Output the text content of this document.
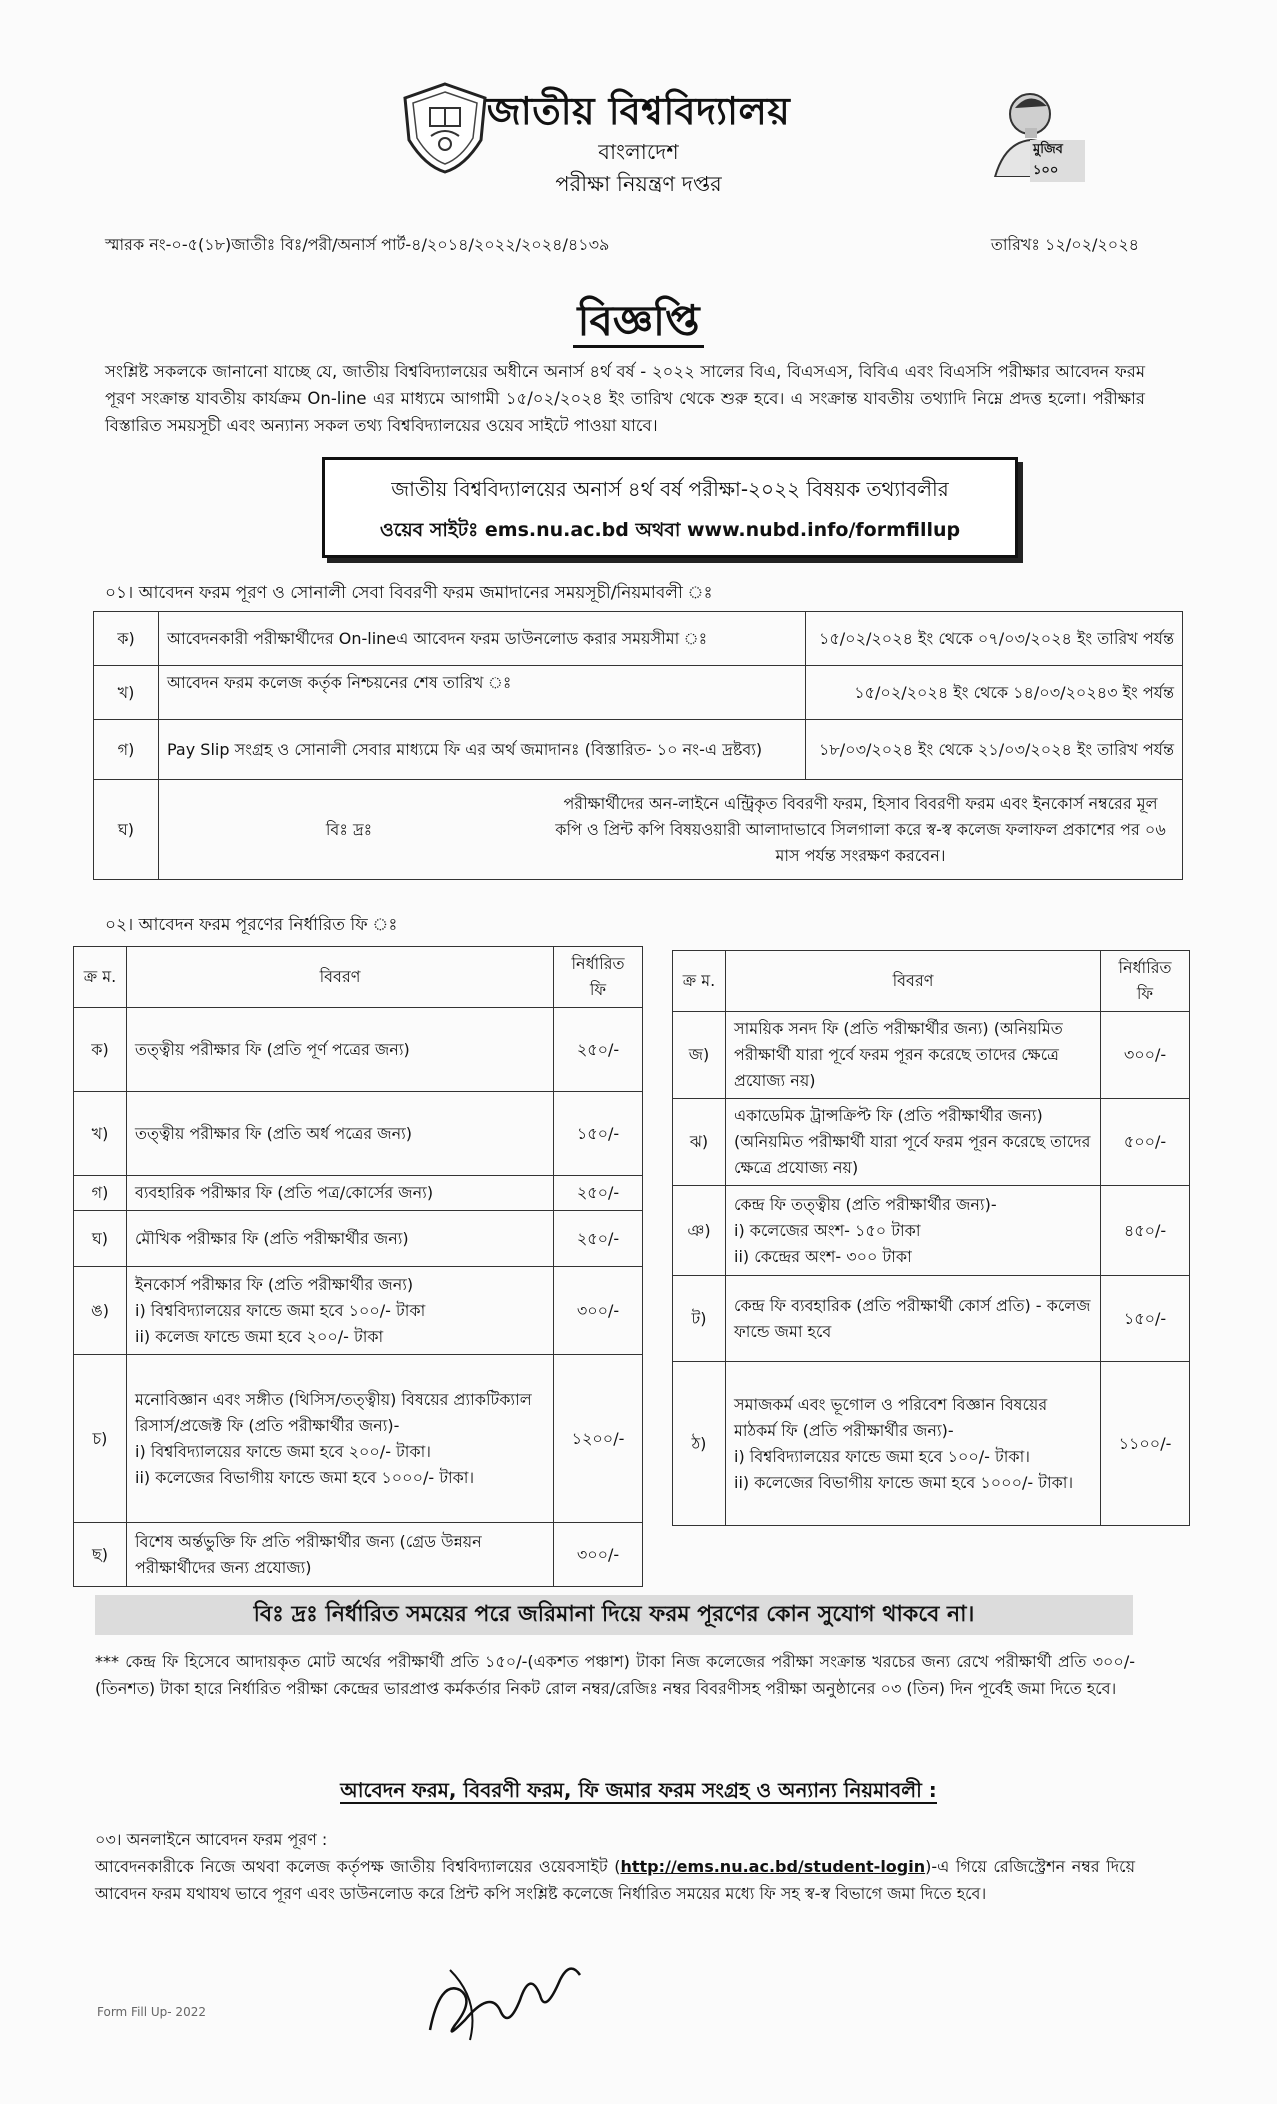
জাতীয় বিশ্ববিদ্যালয়
বাংলাদেশ
পরীক্ষা নিয়ন্ত্রণ দপ্তর
মুজিব ১০০
স্মারক নং-০-৫(১৮)জাতীঃ বিঃ/পরী/অনার্স পার্ট-৪/২০১৪/২০২২/২০২৪/৪১৩৯	তারিখঃ ১২/০২/২০২৪
বিজ্ঞপ্তি
সংশ্লিষ্ট সকলকে জানানো যাচ্ছে যে, জাতীয় বিশ্ববিদ্যালয়ের অধীনে অনার্স ৪র্থ বর্ষ - ২০২২ সালের বিএ, বিএসএস, বিবিএ এবং বিএসসি পরীক্ষার আবেদন ফরম পূরণ সংক্রান্ত যাবতীয় কার্যক্রম On-line এর মাধ্যমে আগামী ১৫/০২/২০২৪ ইং তারিখ থেকে শুরু হবে। এ সংক্রান্ত যাবতীয় তথ্যাদি নিম্নে প্রদত্ত হলো। পরীক্ষার বিস্তারিত সময়সূচী এবং অন্যান্য সকল তথ্য বিশ্ববিদ্যালয়ের ওয়েব সাইটে পাওয়া যাবে।
জাতীয় বিশ্ববিদ্যালয়ের অনার্স ৪র্থ বর্ষ পরীক্ষা-২০২২ বিষয়ক তথ্যাবলীর
ওয়েব সাইটঃ ems.nu.ac.bd অথবা www.nubd.info/formfillup
০১। আবেদন ফরম পূরণ ও সোনালী সেবা বিবরণী ফরম জমাদানের সময়সূচী/নিয়মাবলী ঃ
ক)	আবেদনকারী পরীক্ষার্থীদের On-lineএ আবেদন ফরম ডাউনলোড করার সময়সীমা ঃ	১৫/০২/২০২৪ ইং থেকে ০৭/০৩/২০২৪ ইং তারিখ পর্যন্ত
খ)	আবেদন ফরম কলেজ কর্তৃক নিশ্চয়নের শেষ তারিখ ঃ	১৫/০২/২০২৪ ইং থেকে ১৪/০৩/২০২৪৩ ইং পর্যন্ত
গ)	Pay Slip সংগ্রহ ও সোনালী সেবার মাধ্যমে ফি এর অর্থ জমাদানঃ (বিস্তারিত- ১০ নং-এ দ্রষ্টব্য)	১৮/০৩/২০২৪ ইং থেকে ২১/০৩/২০২৪ ইং তারিখ পর্যন্ত
ঘ)	বিঃ দ্রঃ
পরীক্ষার্থীদের অন-লাইনে এন্ট্রিকৃত বিবরণী ফরম, হিসাব বিবরণী ফরম এবং ইনকোর্স নম্বরের মূল কপি ও প্রিন্ট কপি বিষয়ওয়ারী আলাদাভাবে সিলগালা করে স্ব-স্ব কলেজ ফলাফল প্রকাশের পর ০৬ মাস পর্যন্ত সংরক্ষণ করবেন।	
০২। আবেদন ফরম পূরণের নির্ধারিত ফি ঃ
ক্র ম.	বিবরণ	নির্ধারিত ফি
ক)	তত্ত্বীয় পরীক্ষার ফি (প্রতি পূর্ণ পত্রের জন্য)	২৫০/-
খ)	তত্ত্বীয় পরীক্ষার ফি (প্রতি অর্ধ পত্রের জন্য)	১৫০/-
গ)	ব্যবহারিক পরীক্ষার ফি (প্রতি পত্র/কোর্সের জন্য)	২৫০/-
ঘ)	মৌখিক পরীক্ষার ফি (প্রতি পরীক্ষার্থীর জন্য)	২৫০/-
ঙ)	ইনকোর্স পরীক্ষার ফি (প্রতি পরীক্ষার্থীর জন্য)
i) বিশ্ববিদ্যালয়ের ফান্ডে জমা হবে ১০০/- টাকা
ii) কলেজ ফান্ডে জমা হবে ২০০/- টাকা	৩০০/-
চ)	মনোবিজ্ঞান এবং সঙ্গীত (থিসিস/তত্ত্বীয়) বিষয়ের প্র্যাকটিক্যাল রিসার্স/প্রজেক্ট ফি (প্রতি পরীক্ষার্থীর জন্য)-
i) বিশ্ববিদ্যালয়ের ফান্ডে জমা হবে ২০০/- টাকা।
ii) কলেজের বিভাগীয় ফান্ডে জমা হবে ১০০০/- টাকা।	১২০০/-
ছ)	বিশেষ অর্ন্তভুক্তি ফি প্রতি পরীক্ষার্থীর জন্য (গ্রেড উন্নয়ন পরীক্ষার্থীদের জন্য প্রযোজ্য)	৩০০/-
ক্র ম.	বিবরণ	নির্ধারিত ফি
জ)	সাময়িক সনদ ফি (প্রতি পরীক্ষার্থীর জন্য) (অনিয়মিত পরীক্ষার্থী যারা পূর্বে ফরম পূরন করেছে তাদের ক্ষেত্রে প্রযোজ্য নয়)	৩০০/-
ঝ)	একাডেমিক ট্রান্সক্রিপ্ট ফি (প্রতি পরীক্ষার্থীর জন্য) (অনিয়মিত পরীক্ষার্থী যারা পূর্বে ফরম পূরন করেছে তাদের ক্ষেত্রে প্রযোজ্য নয়)	৫০০/-
ঞ)	কেন্দ্র ফি তত্ত্বীয় (প্রতি পরীক্ষার্থীর জন্য)-
i) কলেজের অংশ- ১৫০ টাকা
ii) কেন্দ্রের অংশ- ৩০০ টাকা	৪৫০/-
ট)	কেন্দ্র ফি ব্যবহারিক (প্রতি পরীক্ষার্থী কোর্স প্রতি) - কলেজ ফান্ডে জমা হবে	১৫০/-
ঠ)	সমাজকর্ম এবং ভূগোল ও পরিবেশ বিজ্ঞান বিষয়ের মাঠকর্ম ফি (প্রতি পরীক্ষার্থীর জন্য)-
i) বিশ্ববিদ্যালয়ের ফান্ডে জমা হবে ১০০/- টাকা।
ii) কলেজের বিভাগীয় ফান্ডে জমা হবে ১০০০/- টাকা।	১১০০/-
বিঃ দ্রঃ নির্ধারিত সময়ের পরে জরিমানা দিয়ে ফরম পূরণের কোন সুযোগ থাকবে না।
*** কেন্দ্র ফি হিসেবে আদায়কৃত মোট অর্থের পরীক্ষার্থী প্রতি ১৫০/-(একশত পঞ্চাশ) টাকা নিজ কলেজের পরীক্ষা সংক্রান্ত খরচের জন্য রেখে পরীক্ষার্থী প্রতি ৩০০/- (তিনশত) টাকা হারে নির্ধারিত পরীক্ষা কেন্দ্রের ভারপ্রাপ্ত কর্মকর্তার নিকট রোল নম্বর/রেজিঃ নম্বর বিবরণীসহ পরীক্ষা অনুষ্ঠানের ০৩ (তিন) দিন পূর্বেই জমা দিতে হবে।
আবেদন ফরম, বিবরণী ফরম, ফি জমার ফরম সংগ্রহ ও অন্যান্য নিয়মাবলী :
০৩। অনলাইনে আবেদন ফরম পূরণ :
আবেদনকারীকে নিজে অথবা কলেজ কর্তৃপক্ষ জাতীয় বিশ্ববিদ্যালয়ের ওয়েবসাইট (http://ems.nu.ac.bd/student-login)-এ গিয়ে রেজিস্ট্রেশন নম্বর দিয়ে আবেদন ফরম যথাযথ ভাবে পূরণ এবং ডাউনলোড করে প্রিন্ট কপি সংশ্লিষ্ট কলেজে নির্ধারিত সময়ের মধ্যে ফি সহ স্ব-স্ব বিভাগে জমা দিতে হবে।
Form Fill Up- 2022
